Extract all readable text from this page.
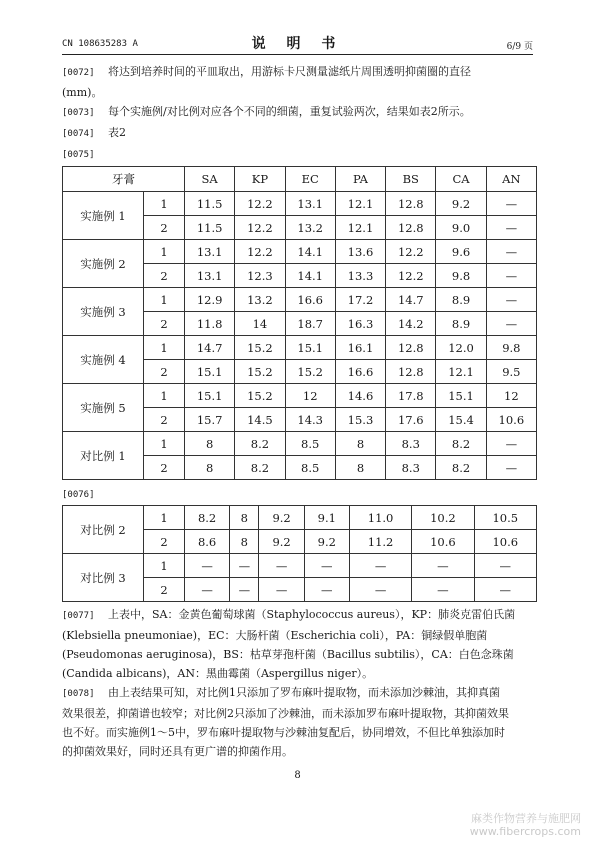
CN 108635283 A	说 明 书	6/9 页
[0072] 将达到培养时间的平皿取出，用游标卡尺测量滤纸片周围透明抑菌圈的直径
(mm)。
[0073] 每个实施例/对比例对应各个不同的细菌，重复试验两次，结果如表2所示。
[0074] 表2
[0075]
牙膏		SA	KP	EC	PA	BS	CA	AN
实施例 1	1	11.5	12.2	13.1	12.1	12.8	9.2	—
	2	11.5	12.2	13.2	12.1	12.8	9.0	—
实施例 2	1	13.1	12.2	14.1	13.6	12.2	9.6	—
	2	13.1	12.3	14.1	13.3	12.2	9.8	—
实施例 3	1	12.9	13.2	16.6	17.2	14.7	8.9	—
	2	11.8	14	18.7	16.3	14.2	8.9	—
实施例 4	1	14.7	15.2	15.1	16.1	12.8	12.0	9.8
	2	15.1	15.2	15.2	16.6	12.8	12.1	9.5
实施例 5	1	15.1	15.2	12	14.6	17.8	15.1	12
	2	15.7	14.5	14.3	15.3	17.6	15.4	10.6
对比例 1	1	8	8.2	8.5	8	8.3	8.2	—
	2	8	8.2	8.5	8	8.3	8.2	—
[0076]
对比例 2	1	8.2	8	9.2	9.1	11.0	10.2	10.5
	2	8.6	8	9.2	9.2	11.2	10.6	10.6
对比例 3	1	—	—	—	—	—	—	—
	2	—	—	—	—	—	—	—
[0077] 上表中，SA：金黄色葡萄球菌（Staphylococcus aureus），KP：肺炎克雷伯氏菌
(Klebsiella pneumoniae)，EC：大肠杆菌（Escherichia coli），PA：铜绿假单胞菌
(Pseudomonas aeruginosa)，BS：枯草芽孢杆菌（Bacillus subtilis），CA：白色念珠菌
(Candida albicans)，AN：黑曲霉菌（Aspergillus niger）。
[0078] 由上表结果可知，对比例1只添加了罗布麻叶提取物，而未添加沙棘油，其抑真菌
效果很差，抑菌谱也较窄；对比例2只添加了沙棘油，而未添加罗布麻叶提取物，其抑菌效果
也不好。而实施例1～5中，罗布麻叶提取物与沙棘油复配后，协同增效，不但比单独添加时
的抑菌效果好，同时还具有更广谱的抑菌作用。
8
麻类作物营养与施肥网
www.fibercrops.com
